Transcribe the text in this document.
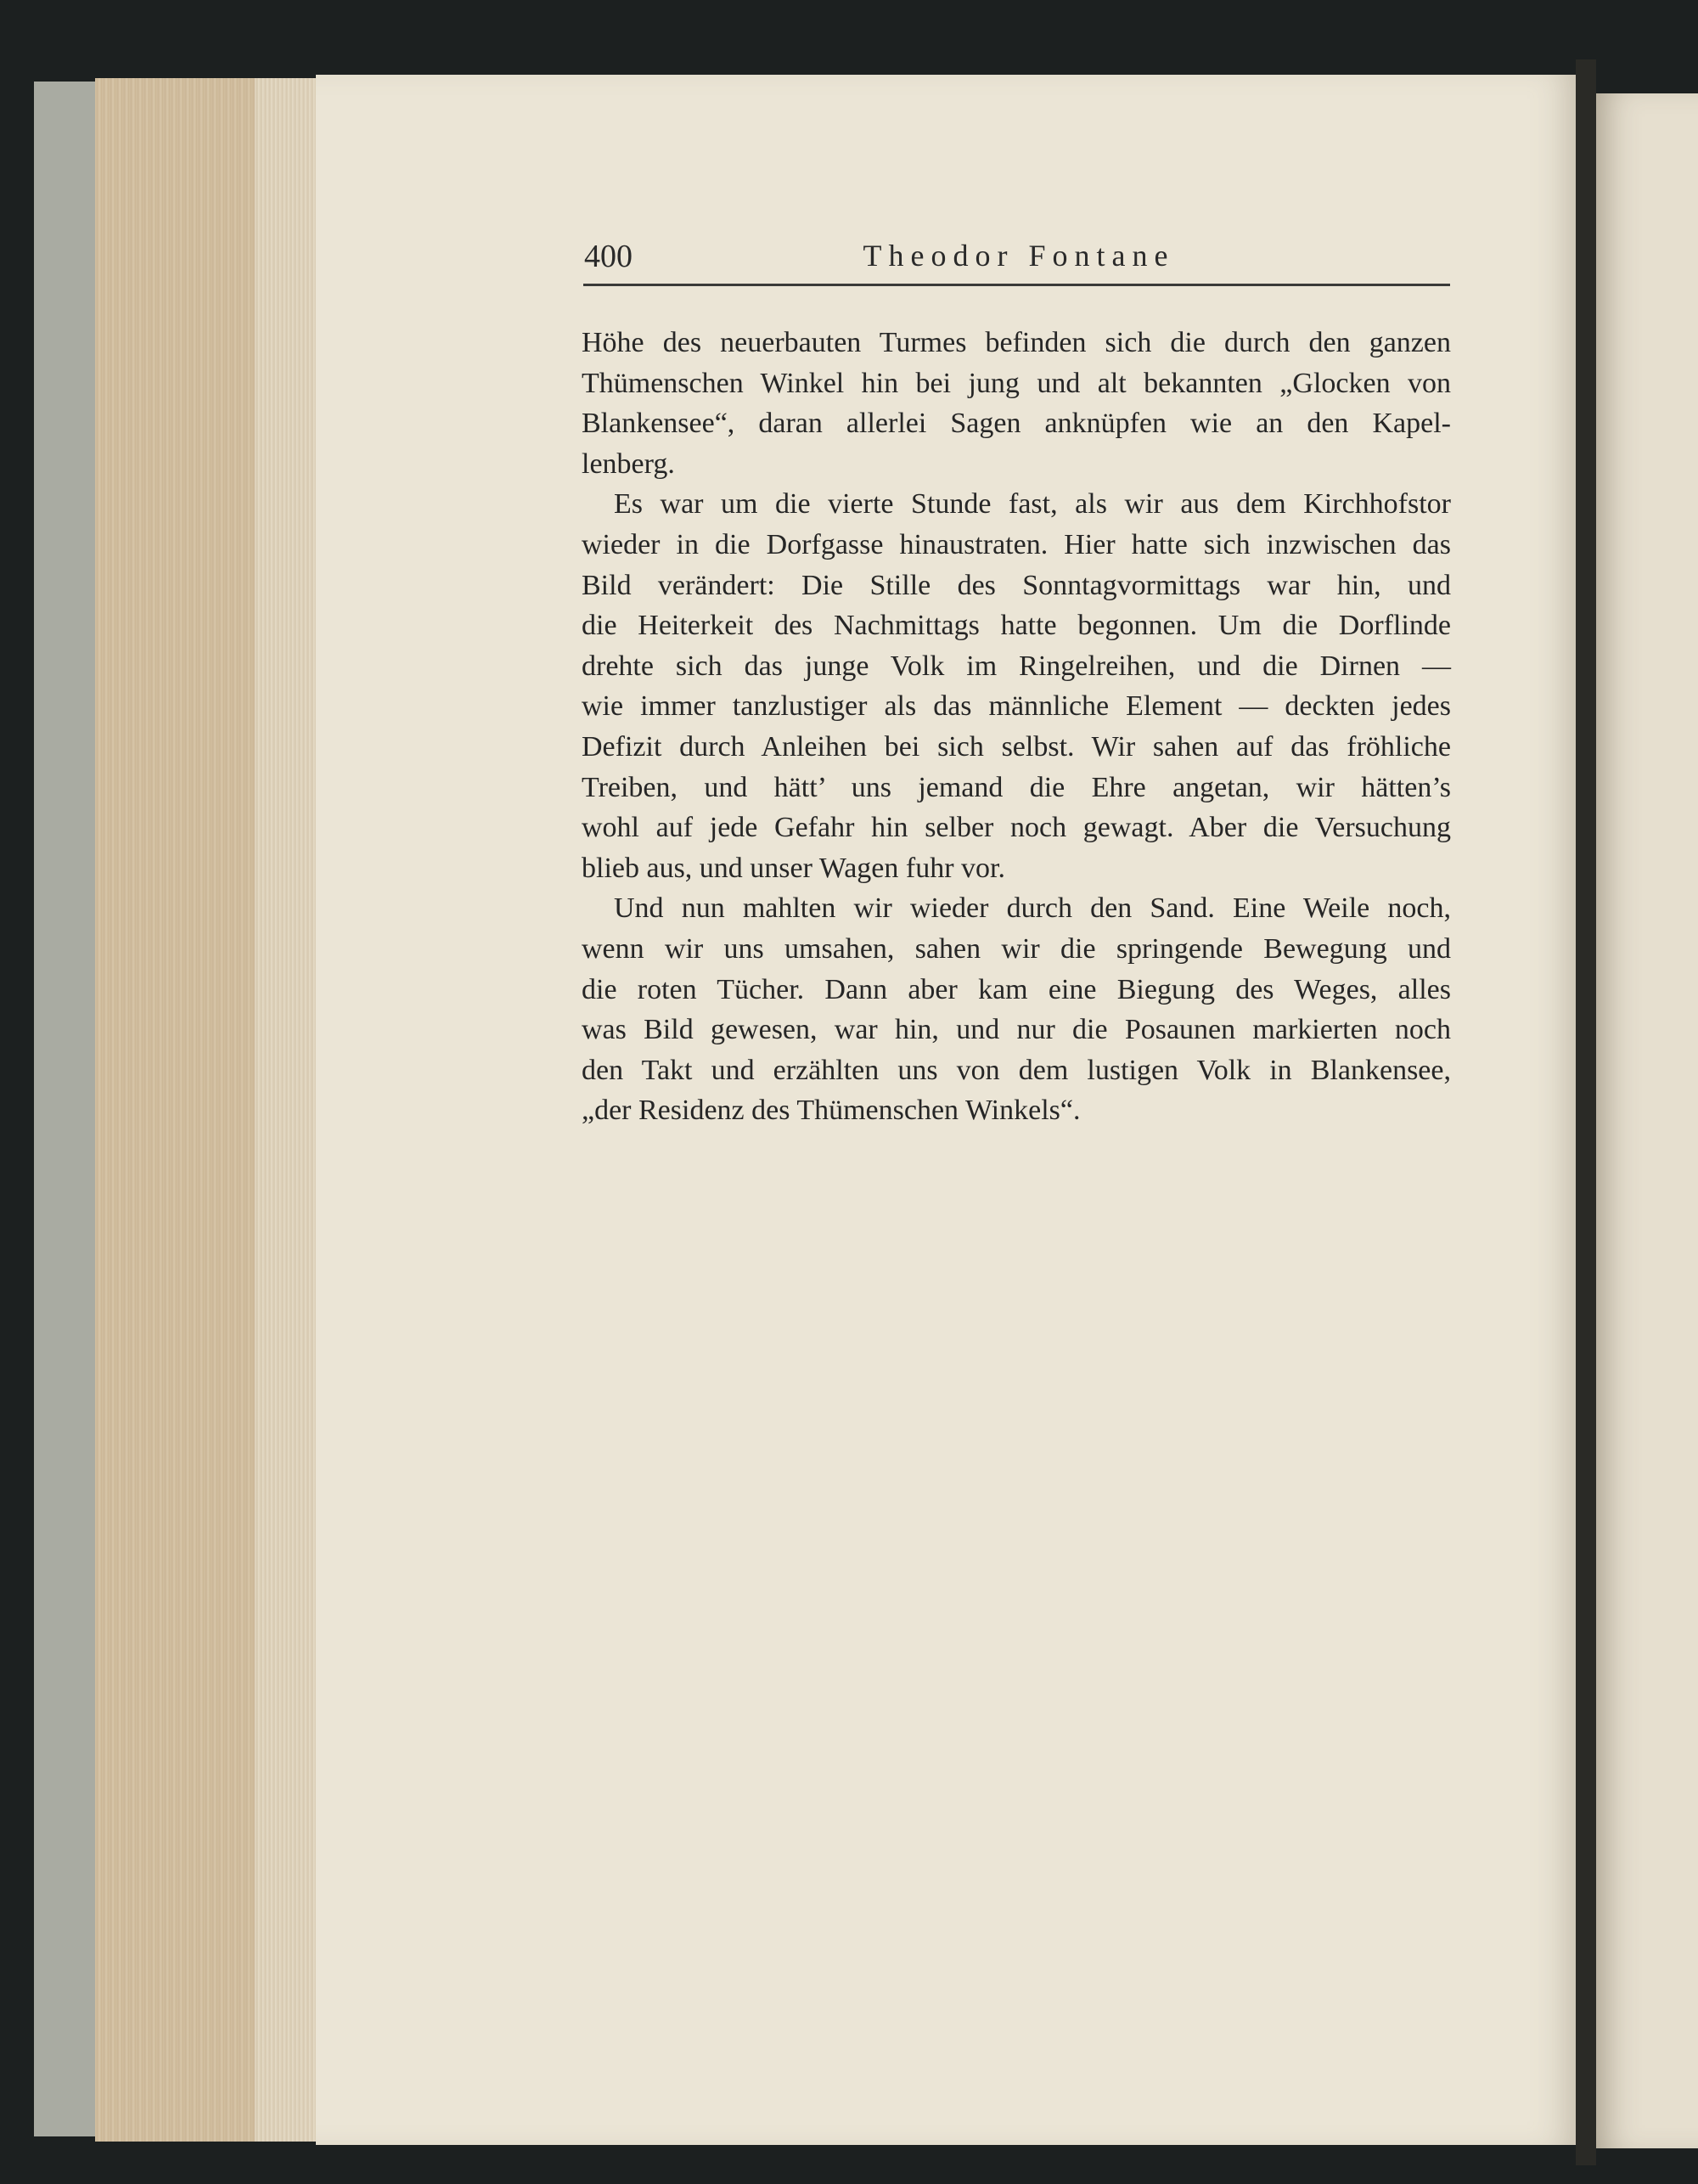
400	Theodor Fontane
Höhe des neuerbauten Turmes befinden sich die durch den ganzen
Thümenschen Winkel hin bei jung und alt bekannten „Glocken von
Blankensee“, daran allerlei Sagen anknüpfen wie an den Kapel-
lenberg.
Es war um die vierte Stunde fast, als wir aus dem Kirchhofstor
wieder in die Dorfgasse hinaustraten. Hier hatte sich inzwischen das
Bild verändert: Die Stille des Sonntagvormittags war hin, und
die Heiterkeit des Nachmittags hatte begonnen. Um die Dorflinde
drehte sich das junge Volk im Ringelreihen, und die Dirnen —
wie immer tanzlustiger als das männliche Element — deckten jedes
Defizit durch Anleihen bei sich selbst. Wir sahen auf das fröhliche
Treiben, und hätt’ uns jemand die Ehre angetan, wir hätten’s
wohl auf jede Gefahr hin selber noch gewagt. Aber die Versuchung
blieb aus, und unser Wagen fuhr vor.
Und nun mahlten wir wieder durch den Sand. Eine Weile noch,
wenn wir uns umsahen, sahen wir die springende Bewegung und
die roten Tücher. Dann aber kam eine Biegung des Weges, alles
was Bild gewesen, war hin, und nur die Posaunen markierten noch
den Takt und erzählten uns von dem lustigen Volk in Blankensee,
„der Residenz des Thümenschen Winkels“.
